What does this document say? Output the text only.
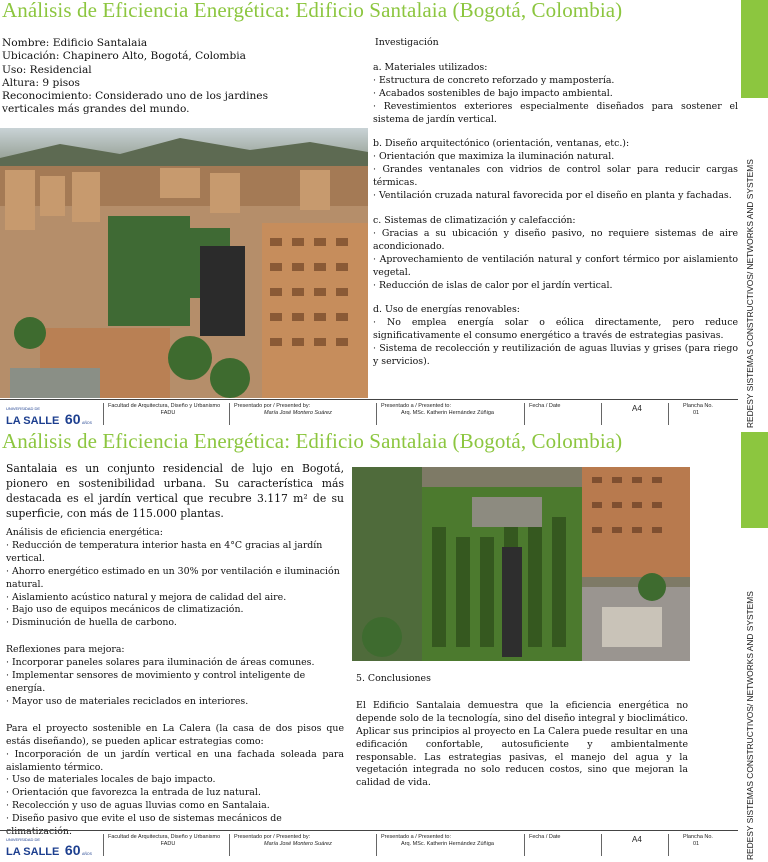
Análisis de Eficiencia Energética: Edificio Santalaia (Bogotá, Colombia)

Nombre: Edificio Santalaia

Ubicación: Chapinero Alto, Bogotá, Colombia

Uso: Residencial

Altura: 9 pisos

Reconocimiento: Considerado uno de los jardines verticales más grandes del mundo.

Investigación

a. Materiales utilizados:

· Estructura de concreto reforzado y mampostería.

· Acabados sostenibles de bajo impacto ambiental.

· Revestimientos exteriores especialmente diseñados para sostener el sistema de jardín vertical.

b. Diseño arquitectónico (orientación, ventanas, etc.):

· Orientación que maximiza la iluminación natural.

· Grandes ventanales con vidrios de control solar para reducir cargas térmicas.

· Ventilación cruzada natural favorecida por el diseño en planta y fachadas.

c. Sistemas de climatización y calefacción:

· Gracias a su ubicación y diseño pasivo, no requiere sistemas de aire acondicionado.

· Aprovechamiento de ventilación natural y confort térmico por aislamiento vegetal.

· Reducción de islas de calor por el jardín vertical.

d. Uso de energías renovables:

· No emplea energía solar o eólica directamente, pero reduce significativamente el consumo energético a través de estrategias pasivas.

· Sistema de recolección y reutilización de aguas lluvias y grises (para riego y servicios).

UNIVERSIDAD DE
LA SALLE 60 AÑOS
Facultad de Arquitectura, Diseño y Urbanismo
FADU
Presentado por / Presented by:
María José Montero Suárez
Presentado a / Presented to:
Arq. MSc. Katherin Hernández Zúñiga
Fecha / Date	A4	Plancha No.
01
Análisis de Eficiencia Energética: Edificio Santalaia (Bogotá, Colombia)

Santalaia es un conjunto residencial de lujo en Bogotá, pionero en sostenibilidad urbana. Su característica más destacada es el jardín vertical que recubre 3.117 m² de su superficie, con más de 115.000 plantas.

Análisis de eficiencia energética:

· Reducción de temperatura interior hasta en 4°C gracias al jardín vertical.

· Ahorro energético estimado en un 30% por ventilación e iluminación natural.

· Aislamiento acústico natural y mejora de calidad del aire.

· Bajo uso de equipos mecánicos de climatización.

· Disminución de huella de carbono.

Reflexiones para mejora:

· Incorporar paneles solares para iluminación de áreas comunes.

· Implementar sensores de movimiento y control inteligente de energía.

· Mayor uso de materiales reciclados en interiores.

Para el proyecto sostenible en La Calera (la casa de dos pisos que estás diseñando), se pueden aplicar estrategias como:

· Incorporación de un jardín vertical en una fachada soleada para aislamiento térmico.

· Uso de materiales locales de bajo impacto.

· Orientación que favorezca la entrada de luz natural.

· Recolección y uso de aguas lluvias como en Santalaia.

· Diseño pasivo que evite el uso de sistemas mecánicos de climatización.

5. Conclusiones

El Edificio Santalaia demuestra que la eficiencia energética no depende solo de la tecnología, sino del diseño integral y bioclimático. Aplicar sus principios al proyecto en La Calera puede resultar en una edificación confortable, autosuficiente y ambientalmente responsable. Las estrategias pasivas, el manejo del agua y la vegetación integrada no solo reducen costos, sino que mejoran la calidad de vida.

UNIVERSIDAD DE
LA SALLE 60 AÑOS
Facultad de Arquitectura, Diseño y Urbanismo
FADU
Presentado por / Presented by:
María José Montero Suárez
Presentado a / Presented to:
Arq. MSc. Katherin Hernández Zúñiga
Fecha / Date	A4	Plancha No.
01
REDESY SISTEMAS CONSTRUCTIVOS/ NETWORKS AND SYSTEMS
REDESY SISTEMAS CONSTRUCTIVOS/ NETWORKS AND SYSTEMS
